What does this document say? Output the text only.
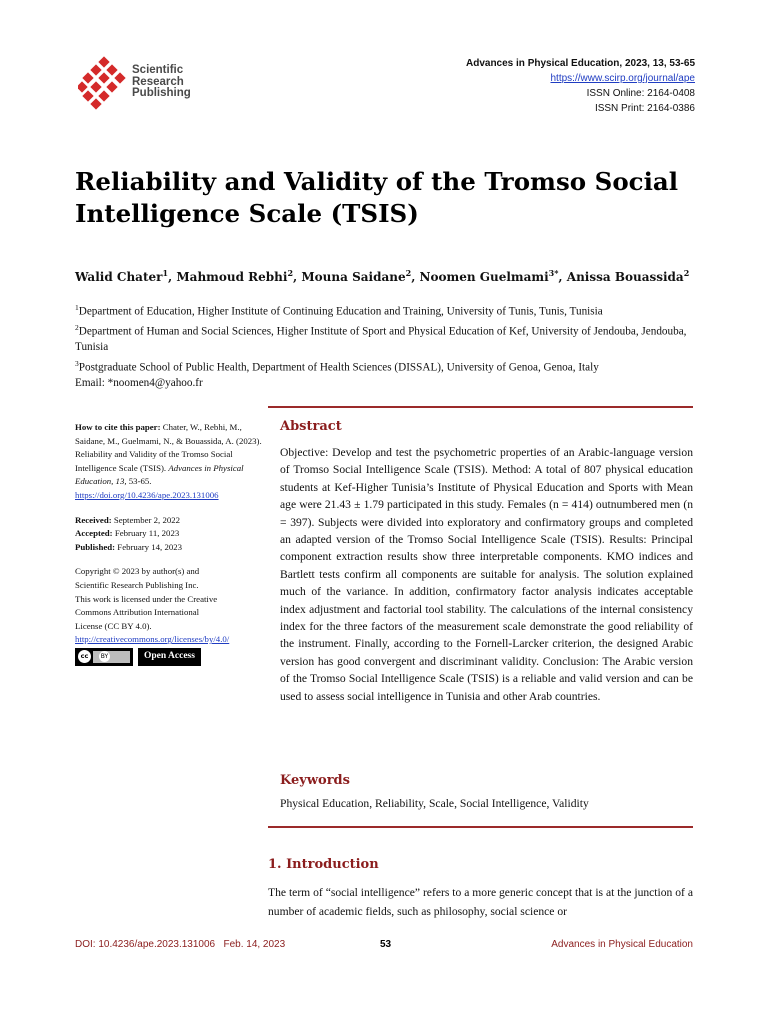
Scientific
Research
Publishing
Advances in Physical Education, 2023, 13, 53-65
https://www.scirp.org/journal/ape
ISSN Online: 2164-0408
ISSN Print: 2164-0386
Reliability and Validity of the Tromso Social Intelligence Scale (TSIS)
Walid Chater$^1$, Mahmoud Rebhi$^2$, Mouna Saidane$^2$, Noomen Guelmami$^{3*}$, Anissa Bouassida$^2$
$^1$Department of Education, Higher Institute of Continuing Education and Training, University of Tunis, Tunis, Tunisia
$^2$Department of Human and Social Sciences, Higher Institute of Sport and Physical Education of Kef, University of Jendouba, Jendouba, Tunisia
$^3$Postgraduate School of Public Health, Department of Health Sciences (DISSAL), University of Genoa, Genoa, Italy
Email: *noomen4@yahoo.fr
How to cite this paper: Chater, W., Rebhi, M., Saidane, M., Guelmami, N., & Bouassida, A. (2023). Reliability and Validity of the Tromso Social Intelligence Scale (TSIS). Advances in Physical Education, 13, 53-65.
https://doi.org/10.4236/ape.2023.131006
Received: September 2, 2022
Accepted: February 11, 2023
Published: February 14, 2023
Copyright © 2023 by author(s) and
Scientific Research Publishing Inc.
This work is licensed under the Creative
Commons Attribution International
License (CC BY 4.0).
http://creativecommons.org/licenses/by/4.0/
cc	BY	Open Access
Abstract
Objective: Develop and test the psychometric properties of an Arabic-language version of Tromso Social Intelligence Scale (TSIS). Method: A total of 807 physical education students at Kef-Higher Tunisia’s Institute of Physical Education and Sports with Mean age were 21.43 ± 1.79 participated in this study. Females (n = 414) outnumbered men (n = 397). Subjects were divided into exploratory and confirmatory groups and completed an adapted version of the Tromso Social Intelligence Scale (TSIS). Results: Principal component extraction results show three interpretable components. KMO indices and Bartlett tests confirm all components are suitable for analysis. The solution explained much of the variance. In addition, confirmatory factor analysis indicates acceptable index adjustment and factorial tool stability. The calculations of the internal consistency index for the three factors of the measurement scale demonstrate the good reliability of the instrument. Finally, according to the Fornell-Larcker criterion, the designed Arabic version has good convergent and discriminant validity. Conclusion: The Arabic version of the Tromso Social Intelligence Scale (TSIS) is a reliable and valid version and can be used to assess social intelligence in Tunisia and other Arab countries.
Keywords
Physical Education, Reliability, Scale, Social Intelligence, Validity
1. Introduction
The term of “social intelligence” refers to a more generic concept that is at the junction of a number of academic fields, such as philosophy, social science or
DOI: 10.4236/ape.2023.131006 Feb. 14, 2023	53	Advances in Physical Education
